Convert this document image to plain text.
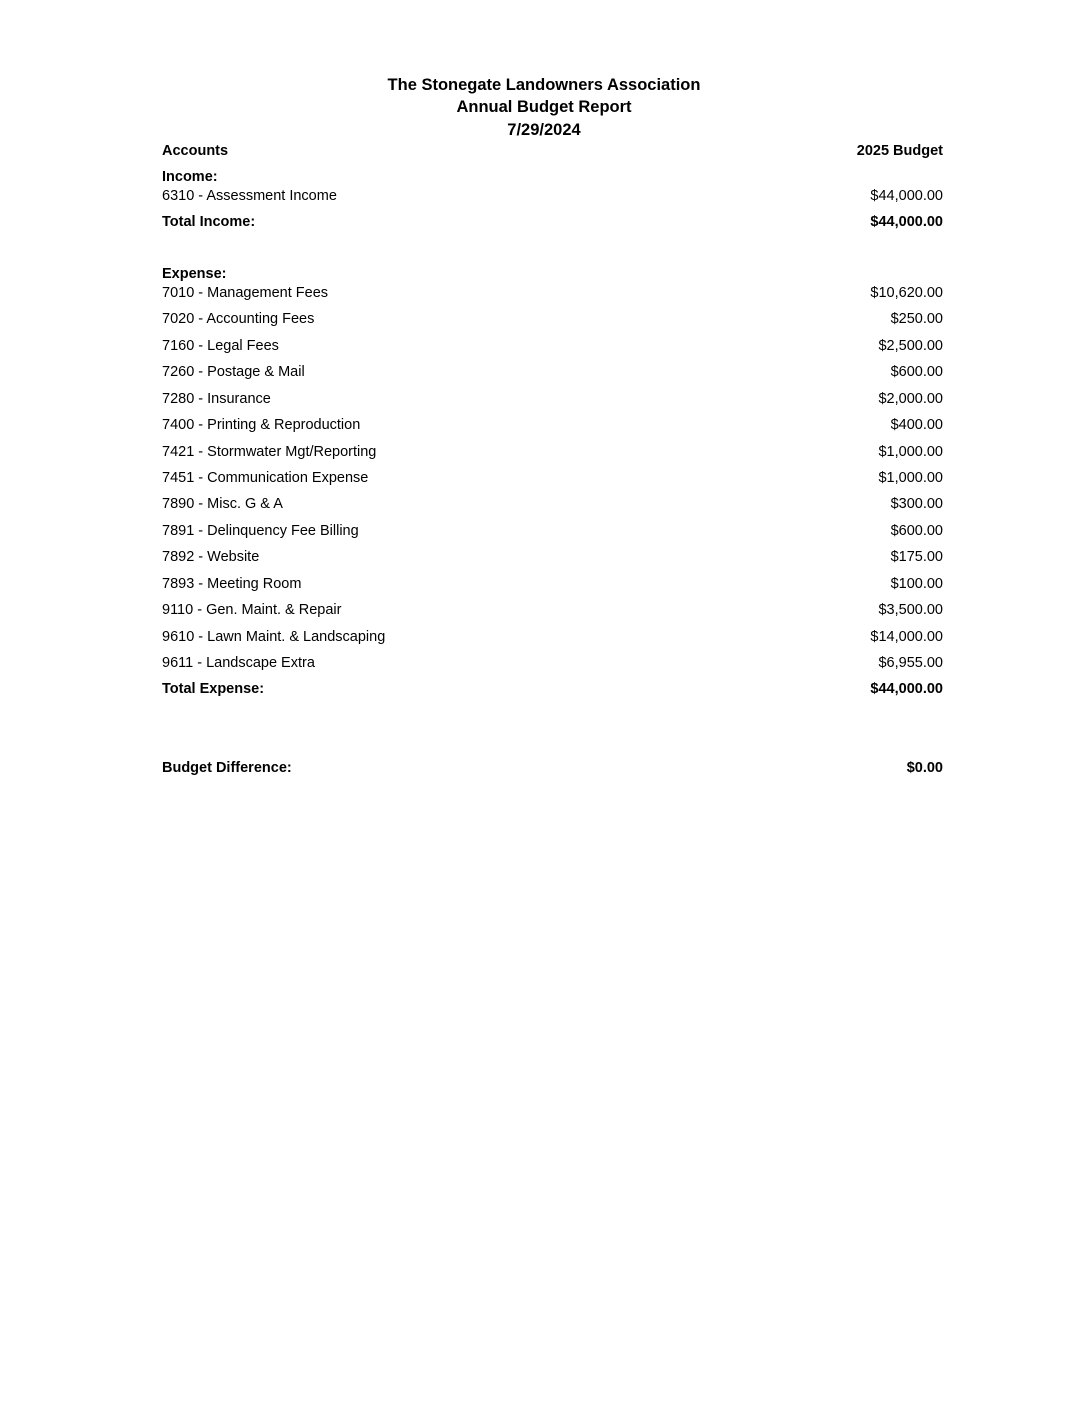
The Stonegate Landowners Association
Annual Budget Report
7/29/2024
Accounts	2025 Budget
Income:
6310 - Assessment Income	$44,000.00
Total Income:	$44,000.00
Expense:
7010 - Management Fees	$10,620.00
7020 - Accounting Fees	$250.00
7160 - Legal Fees	$2,500.00
7260 - Postage & Mail	$600.00
7280 - Insurance	$2,000.00
7400 - Printing & Reproduction	$400.00
7421 - Stormwater Mgt/Reporting	$1,000.00
7451 - Communication Expense	$1,000.00
7890 - Misc. G & A	$300.00
7891 - Delinquency Fee Billing	$600.00
7892 - Website	$175.00
7893 - Meeting Room	$100.00
9110 - Gen. Maint. & Repair	$3,500.00
9610 - Lawn Maint. & Landscaping	$14,000.00
9611 - Landscape Extra	$6,955.00
Total Expense:	$44,000.00
Budget Difference:	$0.00
